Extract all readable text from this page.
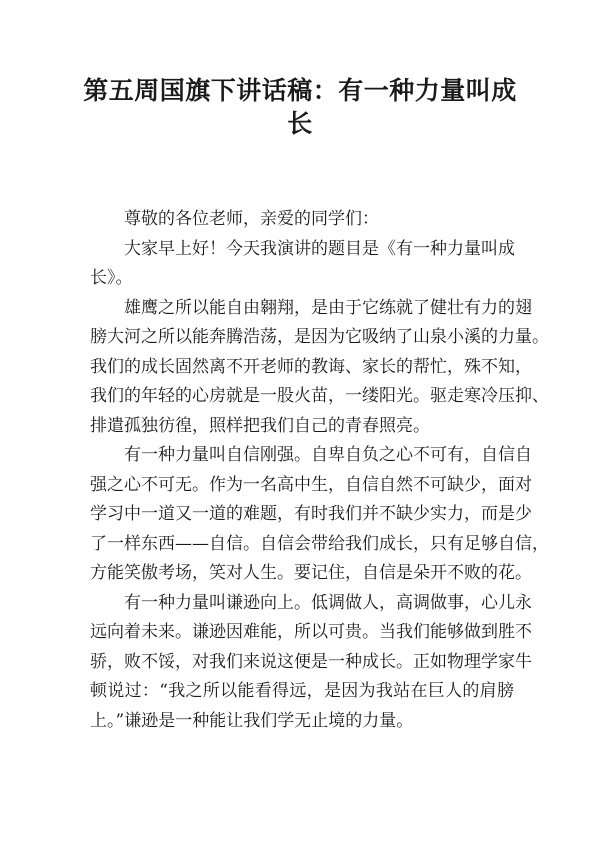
第五周国旗下讲话稿：有一种力量叫成
长
尊敬的各位老师，亲爱的同学们：
大家早上好！今天我演讲的题目是《有一种力量叫成
长》。
雄鹰之所以能自由翱翔，是由于它练就了健壮有力的翅
膀大河之所以能奔腾浩荡，是因为它吸纳了山泉小溪的力量。
我们的成长固然离不开老师的教诲、家长的帮忙，殊不知，
我们的年轻的心房就是一股火苗，一缕阳光。驱走寒冷压抑、
排遣孤独彷徨，照样把我们自己的青春照亮。
有一种力量叫自信刚强。自卑自负之心不可有，自信自
强之心不可无。作为一名高中生，自信自然不可缺少，面对
学习中一道又一道的难题，有时我们并不缺少实力，而是少
了一样东西——自信。自信会带给我们成长，只有足够自信，
方能笑傲考场，笑对人生。要记住，自信是朵开不败的花。
有一种力量叫谦逊向上。低调做人，高调做事，心儿永
远向着未来。谦逊因难能，所以可贵。当我们能够做到胜不
骄，败不馁，对我们来说这便是一种成长。正如物理学家牛
顿说过：“我之所以能看得远，是因为我站在巨人的肩膀
上。”谦逊是一种能让我们学无止境的力量。
